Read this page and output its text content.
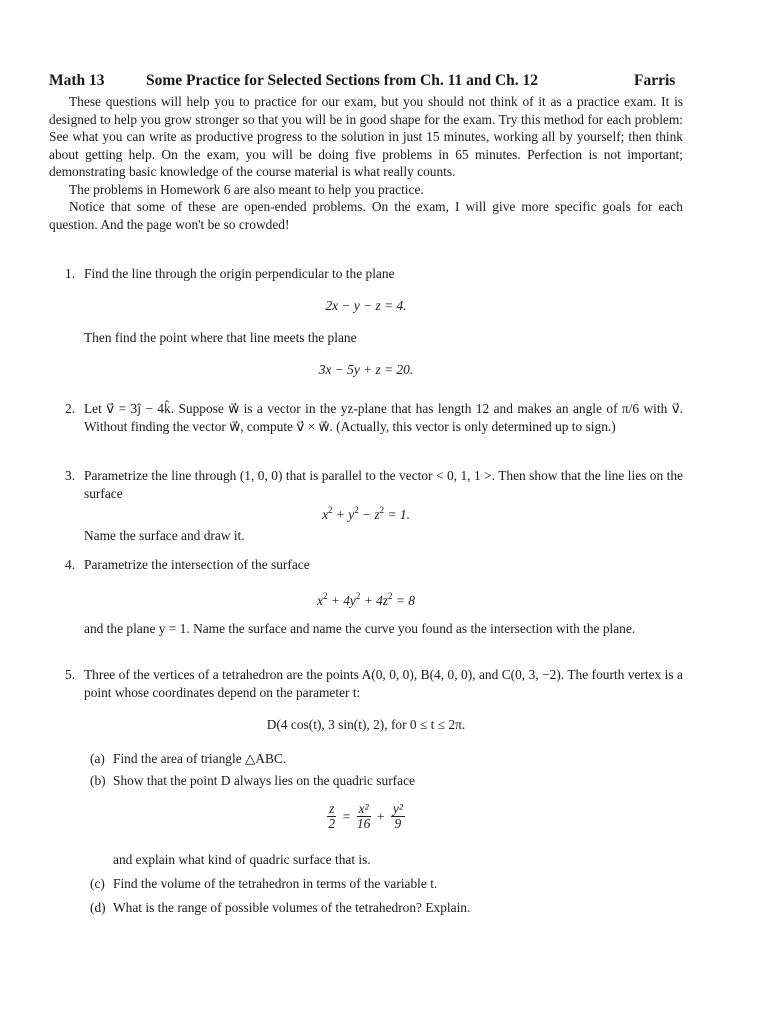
Math 13	Some Practice for Selected Sections from Ch. 11 and Ch. 12	Farris

These questions will help you to practice for our exam, but you should not think of it as a practice exam. It is designed to help you grow stronger so that you will be in good shape for the exam. Try this method for each problem: See what you can write as productive progress to the solution in just 15 minutes, working all by yourself; then think about getting help. On the exam, you will be doing five problems in 65 minutes. Perfection is not important; demonstrating basic knowledge of the course material is what really counts.

The problems in Homework 6 are also meant to help you practice.

Notice that some of these are open-ended problems. On the exam, I will give more specific goals for each question. And the page won't be so crowded!

1. Find the line through the origin perpendicular to the plane
2x − y − z = 4.
Then find the point where that line meets the plane
3x − 5y + z = 20.
2. Let v⃗ = 3ĵ − 4k̂. Suppose w⃗ is a vector in the yz-plane that has length 12 and makes an angle of π/6 with v⃗. Without finding the vector w⃗, compute v⃗ × w⃗. (Actually, this vector is only determined up to sign.)
3. Parametrize the line through (1, 0, 0) that is parallel to the vector < 0, 1, 1 >. Then show that the line lies on the surface
$x^2 + y^2 - z^2 = 1$.
Name the surface and draw it.
4. Parametrize the intersection of the surface
$x^2 + 4y^2 + 4z^2 = 8$
and the plane y = 1. Name the surface and name the curve you found as the intersection with the plane.
5. Three of the vertices of a tetrahedron are the points A(0, 0, 0), B(4, 0, 0), and C(0, 3, −2). The fourth vertex is a point whose coordinates depend on the parameter t:
D(4 cos(t), 3 sin(t), 2), for 0 ≤ t ≤ 2π.
(a) Find the area of triangle △ABC.
(b) Show that the point D always lies on the quadric surface
$\frac{z}{2} = \frac{\text{x²}}{16} + \frac{\text{y²}}{9}$
and explain what kind of quadric surface that is.
(c) Find the volume of the tetrahedron in terms of the variable t.
(d) What is the range of possible volumes of the tetrahedron? Explain.
